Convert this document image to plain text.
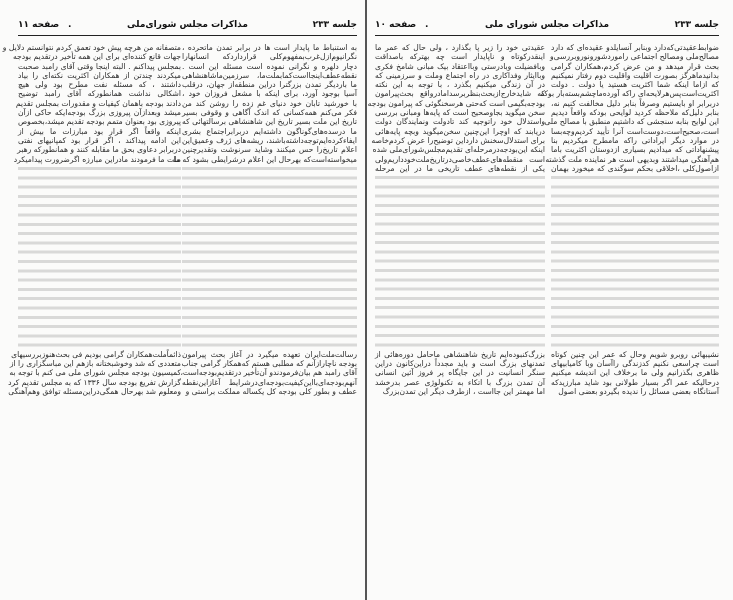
جلسه ۲۳۳
مذاکرات مجلس شورای‌ملی
.
صفحه ۱۱
به استنباط ما پایدار است ها در برابر تمدن ماتحرده ،
نگرانیوم‌ازل‌غرب‌بمفهوم‌کلی قرار‌دارد‌که انسانهارا
دچار دلهره و نگرانی نموده است مسئله این است .
نقطه‌عطف‌اینجااست‌کما‌بملت‌ما، سرزمین‌ماشاهنشاهی
ما بار‌دیگر تمدن بزرگترا دراین منطقه‌از جهان، درقلب
آسیا بوجود آورد، برای اینکه با مشعل فروزان خود ،
با خورشید تابان خود دنیای غم زده را روشن کند من
فکر می‌کنم همه‌کسانی که اندک آگاهی و وقوفی بسیر
تاریخ این ملت بسیر تاریخ این شاهنشاهی برسالتهائی که
ما درسده‌های‌گوناگون داشته‌ایم دربرابراجتماع بشری
ایفاءکرده‌ایم‌توجه‌داشته‌باشند، ریشه‌های ژرف وعمیق‌این
اعلام تاریخ‌را حس میکنند وشاید سرنوشت وتقدیرچنین
میخواسته‌است‌که بهرحال این اعلام درشرایطی بشود که ما
رسالت‌ملت‌ایران تعهده میگیرد در آغاز بحث پیرامون
بودجه ناچارازآنم که مطلبی هستم که‌همکار گرامی جناب
آقای رامبد هم بیان‌فرمودندو آن‌تأخیر درتقدیم‌بودجه‌است،
آنهم‌بودجه‌ای‌بااین‌کیفیت‌بودجه‌ای‌درشرایط آغاز‌این‌نقطه
عطف و بطور کلی بودجه کل یکساله مملکت براستی و
متصفانه من هرچه پیش خود تعمق کردم نتوانستم دلایل و
جهات قانع کننده‌ای برای این همه تأخیر درتقدیم بودجه
بمجلس پیداکنم . البته اینجا وقتی آقای رامبد صحبت
میکردند چندتن از همکاران اکثریت نکته‌ای را بیاد
داشتند ، که مسئله نفت مطرح بود ولی هیچ
اشکالی نداشت همانطورکه آقای رامبد توضیح
دادند بودجه باهمان کیفیات و مقدورات بمجلس تقدیم
میشد وبعدازآن پیروزی بزرگ بودجه‌ایکه حاکی ازآن
پیروزی بود بعنوان متمم بودجه تقدیم میشد،بخصوص
اینکه واقعاً اگر قرار بود مبارزات ما بیش از
این ادامه پیداکند ، اگر قرار بود کمپانیهای نفتی
دربرابر دعاوی بحق ما مقابله کنند و همانطورکه رهبر
ملت ما فرمودند ما‌دراین مبارزه اگرضرورت پیدامیکرد
ذائماًملت‌همکاران گرامی بودیم فی بحث‌هنوزبررسیهای
متعددی که شد وخوشبختانه بازهم این مباسگزاری را از
کمیسیون بودجه مجلس شورای ملی می کنم با توجه به
گزارش تفریغ بودجه سال ۱۳۳۶ که به مجلس تقدیم کرد
ومعلوم شد بهرحال همگی‌دراین‌مسئله توافق وهم‌آهنگی
جلسه ۲۳۳
مذاکرات مجلس شورای ملی
.
صفحه ۱۰
ضوابط‌عقیدتی‌که‌دارد وبنابر آنسایلدو عقیده‌ای که دارد
مصالح‌ملی ومصالح اجتماعی راموردشورونوروبررسی‌و
بحث قرار میدهد و من عرض کردم،همکاران گرامی
بدانیدماهرگز بصورت اقلیت واقلیت دوم رفتار نمیکنیم
که ازاما اینکه شما اکثریت هستید یا دولت . دولت
اکثریت‌است‌پس‌هرلایحه‌ای راکه آورده‌ماچشم‌بسته‌بار بوکه
دربرابر او بایستیم وصرفاً بنابر دلیل مخالفت کنیم نه،
بنابر دلیل‌که ملاحظه کردید لوایحی بودکه واقعاً دیدیم
این لوایح بنابه سنجشی که داشتیم منطبق با مصالح ملی
است،صحیح‌است،دوست‌است آنرا تأیید کردیم‌وچه‌بسا
در موارد دیگر ایراداتی راکه مامطرح میکردیم بنا
پیشنهاداتی که میدادیم بسیاری ازدوستان اکثریت باما
هم‌آهنگی میداشتند وبدیهی است هر نماینده ملت گذشته
ازاصول‌کلی ،اخلاقی بحکم سوگندی که میخورد بهمان
نشیبهائی روبرو شویم وحال که عمر این چنین کوتاه
است چراسعی نکنیم کدزندگی راآسان وبا کامیابیهای
ظاهری بگذرانیم ولی ما برخلاف این اندیشه میکنیم
درحالیکه عمر اگر بسیار طولانی بود شاید مبارزیدکه
آستانگاه بعضی مسائل را ندیده بگیردو بعضی اصول
عقیدتی خود را زیر پا بگذارد ، ولی حال که عمر ما
اینقدرکوتاه و ناپایدار است چه بهترکه باصداقت
وبافضیلت وبادرستی وبااعتقاد بیک مبانی شامخ فکری
وباایثار وفداکاری در راه اجتماع وملت و سرزمینی که
در آن زندگی میکنیم بگذرد ، با توجه به این نکته
که شایدخارج‌ازبحث‌بنظربرسدامادرواقع بحث‌پیرامون
بودجه‌بگیمی است که‌حتی هرسخنگوئی که پیرامون بودجه
سخن میگوید بجاوصحیح است که پایه‌ها ومبانی بررسی
واستدلال خود راتوجیه کند تادولت ونمایندگان دولت
دریابند که اوچرا این‌چنین سخن‌میگوید وبچه پایه‌هائی
برای استدلال‌سخنش دارد‌این توضیح‌را عرض کردم‌خاصه
اینکه این‌بودجه‌درمرحله‌ای تقدیم‌مجلس‌شورای‌ملی شده
است منقطه‌های‌عطف‌خاصی‌درتاریخ‌ملت‌خودداریم‌ولی
یکی از نقطه‌های عطف تاریخی ما در این مرحله
بزرگ‌کنبوده‌ایم تاریخ شاهنشاهی ماحامل دوره‌هائی از
تمدنهای بزرگ است و باید مجدداً دراین‌کانون دراین
سنگر انسانیت در این جایگاه پر فروز آئین انسانی
آن تمدن بزرگ با اتکاء به تکنولوژی عصر بدرخشد
اما مهمتر این جااست ، ازطرف دیگر این تمدن‌بزرگ
